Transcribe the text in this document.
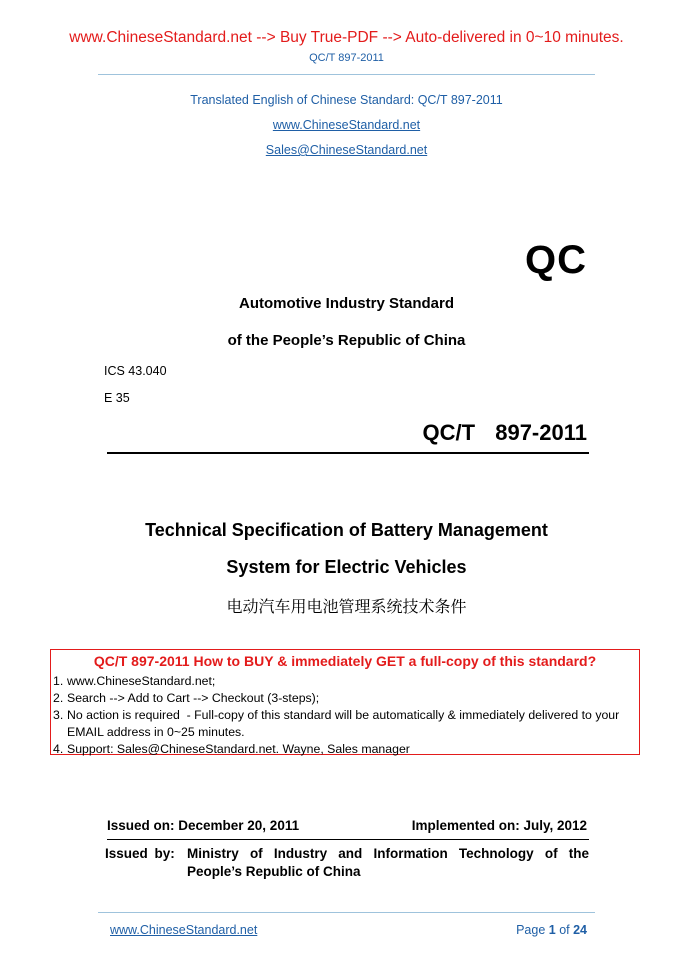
www.ChineseStandard.net --> Buy True-PDF --> Auto-delivered in 0~10 minutes.
QC/T 897-2011
Translated English of Chinese Standard: QC/T 897-2011
www.ChineseStandard.net
Sales@ChineseStandard.net
QC
Automotive Industry Standard
of the People’s Republic of China
ICS 43.040
E 35
QC/T  897-2011
Technical Specification of Battery Management
System for Electric Vehicles
电动汽车用电池管理系统技术条件
QC/T 897-2011 How to BUY & immediately GET a full-copy of this standard?
1. www.ChineseStandard.net;
2. Search --> Add to Cart --> Checkout (3-steps);
3. No action is required  - Full-copy of this standard will be automatically & immediately delivered to your EMAIL address in 0~25 minutes.
4. Support: Sales@ChineseStandard.net. Wayne, Sales manager
Issued on: December 20, 2011	Implemented on: July, 2012
Issued by: Ministry of Industry and Information Technology of the
People’s Republic of China
www.ChineseStandard.net	Page 1 of 24
